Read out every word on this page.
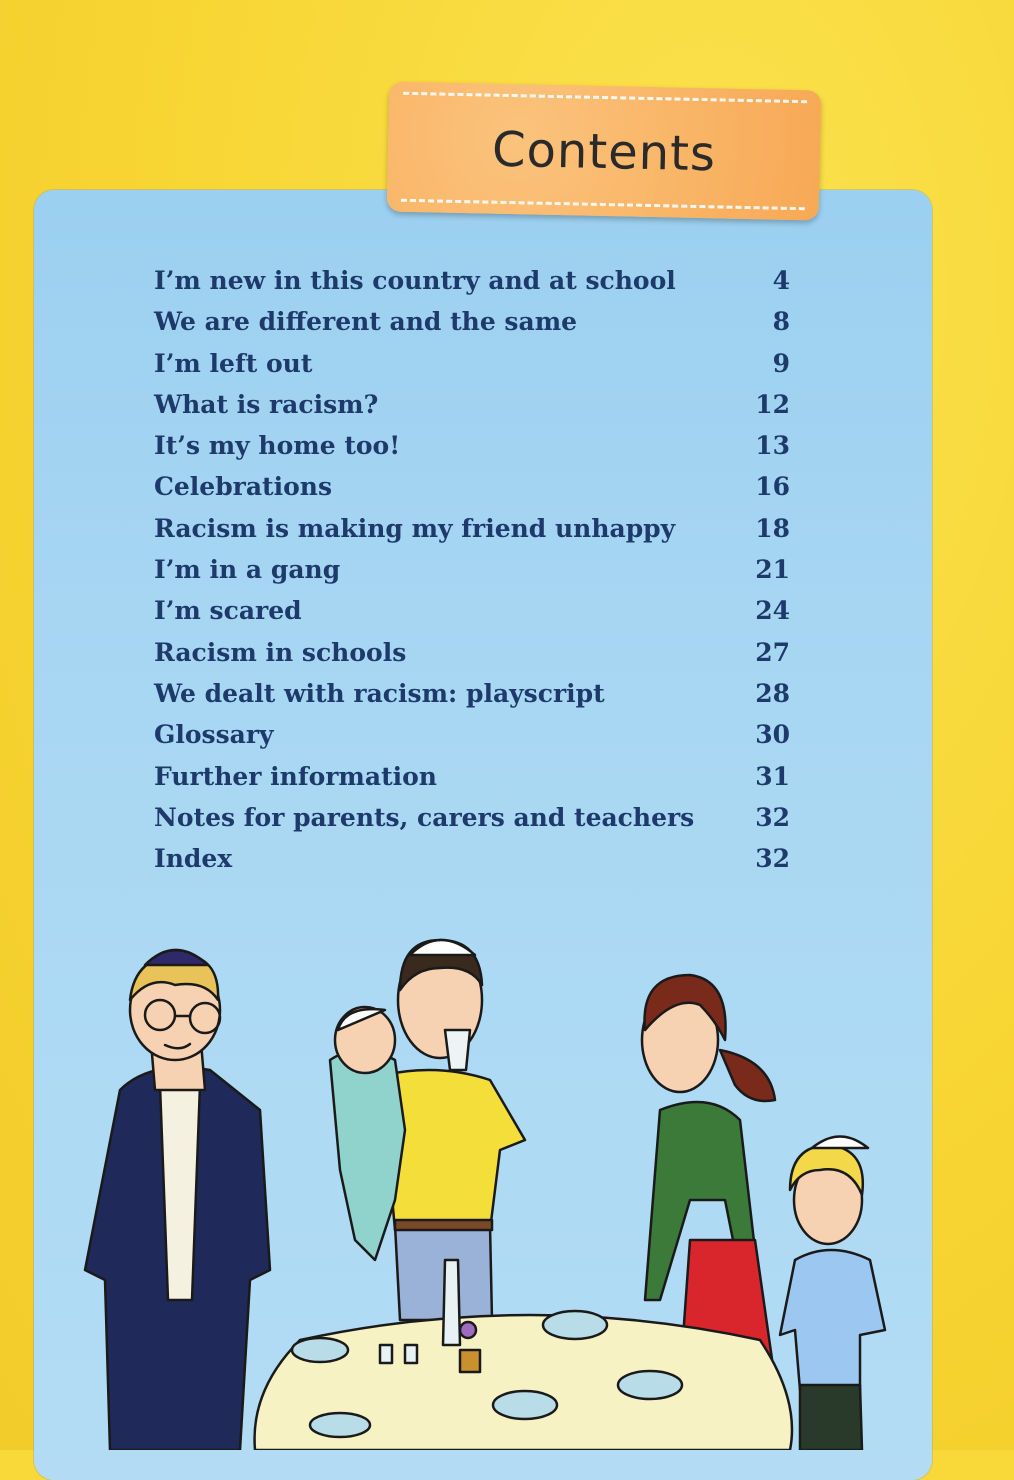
Contents
I’m new in this country and at school	4
We are different and the same	8
I’m left out	9
What is racism?	12
It’s my home too!	13
Celebrations	16
Racism is making my friend unhappy	18
I’m in a gang	21
I’m scared	24
Racism in schools	27
We dealt with racism: playscript	28
Glossary	30
Further information	31
Notes for parents, carers and teachers 32
Index	32
